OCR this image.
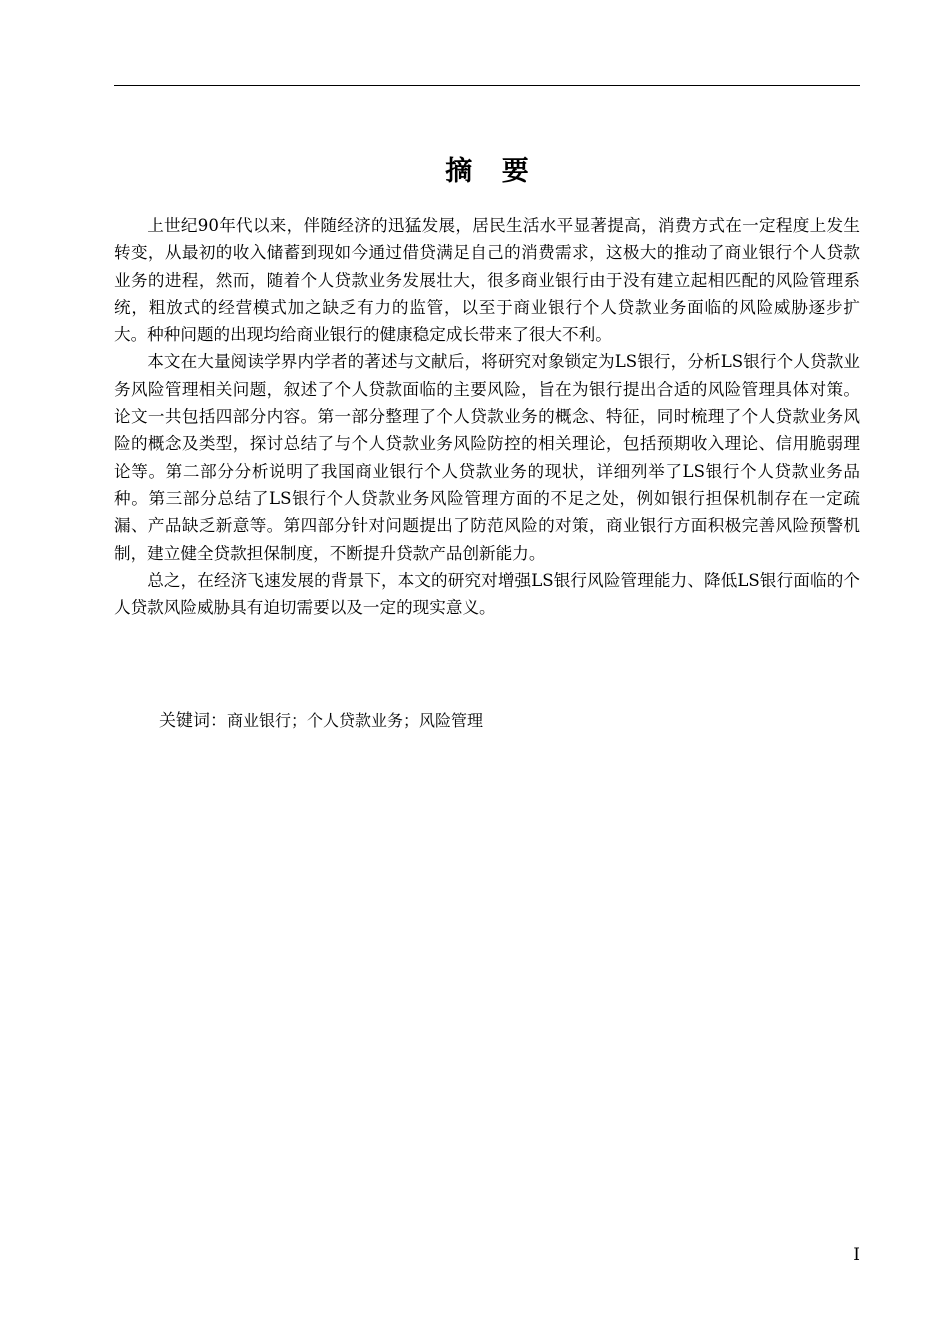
摘 要

上世纪90年代以来，伴随经济的迅猛发展，居民生活水平显著提高，消费方式在一定程度上发生转变，从最初的收入储蓄到现如今通过借贷满足自己的消费需求，这极大的推动了商业银行个人贷款业务的进程，然而，随着个人贷款业务发展壮大，很多商业银行由于没有建立起相匹配的风险管理系统，粗放式的经营模式加之缺乏有力的监管，以至于商业银行个人贷款业务面临的风险威胁逐步扩大。种种问题的出现均给商业银行的健康稳定成长带来了很大不利。

本文在大量阅读学界内学者的著述与文献后，将研究对象锁定为LS银行，分析LS银行个人贷款业务风险管理相关问题，叙述了个人贷款面临的主要风险，旨在为银行提出合适的风险管理具体对策。论文一共包括四部分内容。第一部分整理了个人贷款业务的概念、特征，同时梳理了个人贷款业务风险的概念及类型，探讨总结了与个人贷款业务风险防控的相关理论，包括预期收入理论、信用脆弱理论等。第二部分分析说明了我国商业银行个人贷款业务的现状，详细列举了LS银行个人贷款业务品种。第三部分总结了LS银行个人贷款业务风险管理方面的不足之处，例如银行担保机制存在一定疏漏、产品缺乏新意等。第四部分针对问题提出了防范风险的对策，商业银行方面积极完善风险预警机制，建立健全贷款担保制度，不断提升贷款产品创新能力。

总之，在经济飞速发展的背景下，本文的研究对增强LS银行风险管理能力、降低LS银行面临的个人贷款风险威胁具有迫切需要以及一定的现实意义。

关键词：商业银行；个人贷款业务；风险管理
I
